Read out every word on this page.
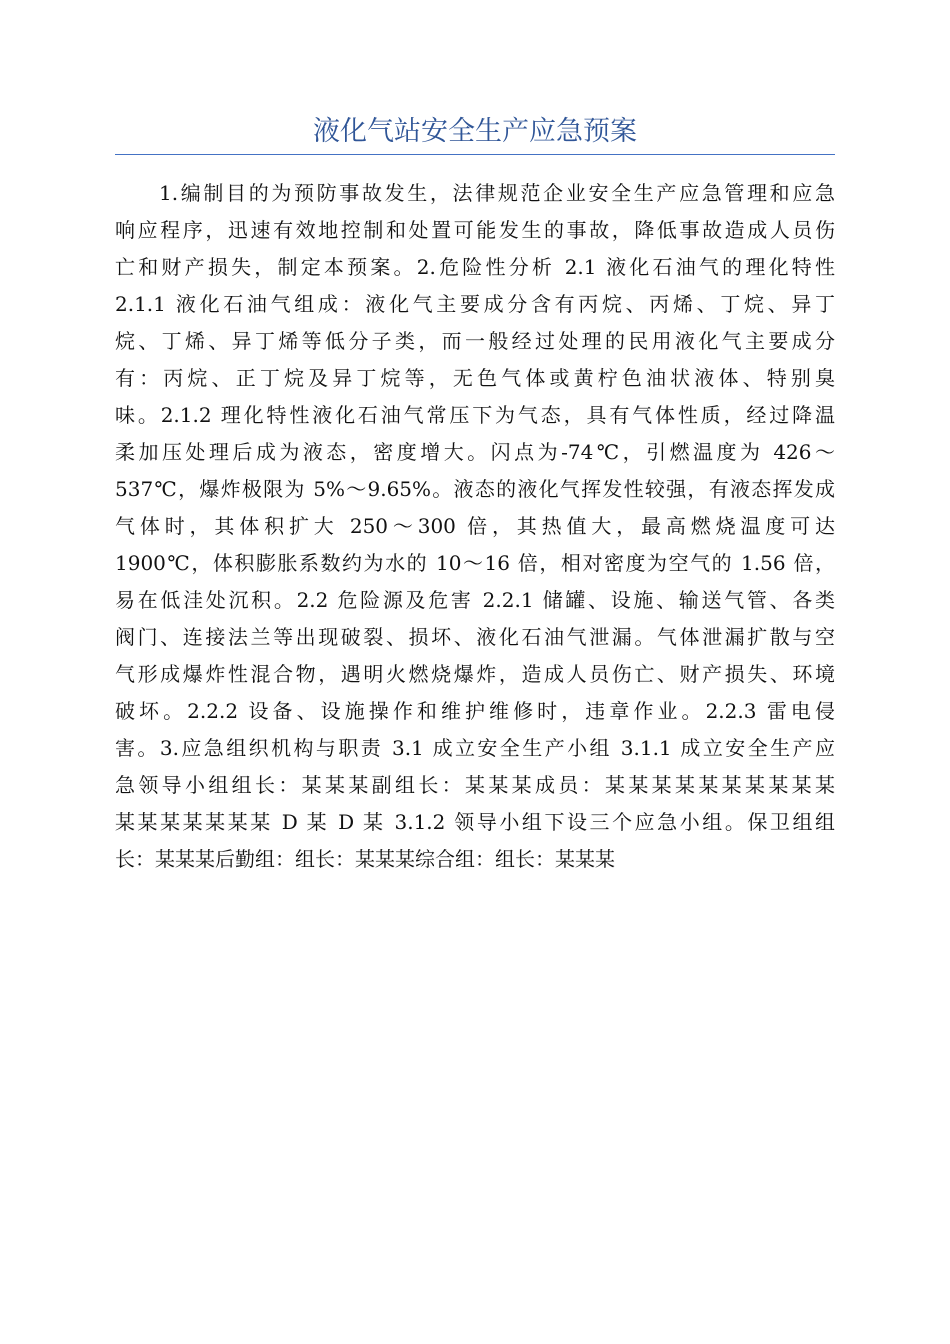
液化气站安全生产应急预案
1.编制目的为预防事故发生，法律规范企业安全生产应急管理和应急
响应程序，迅速有效地控制和处置可能发生的事故，降低事故造成人员伤
亡和财产损失，制定本预案。2.危险性分析 2.1 液化石油气的理化特性
2.1.1 液化石油气组成：液化气主要成分含有丙烷、丙烯、丁烷、异丁
烷、丁烯、异丁烯等低分子类，而一般经过处理的民用液化气主要成分
有：丙烷、正丁烷及异丁烷等，无色气体或黄柠色油状液体、特别臭
味。2.1.2 理化特性液化石油气常压下为气态，具有气体性质，经过降温
柔加压处理后成为液态，密度增大。闪点为-74℃，引燃温度为 426～
537℃，爆炸极限为 5%～9.65%。液态的液化气挥发性较强，有液态挥发成
气体时，其体积扩大 250～300 倍，其热值大，最高燃烧温度可达
1900℃，体积膨胀系数约为水的 10～16 倍，相对密度为空气的 1.56 倍，
易在低洼处沉积。2.2 危险源及危害 2.2.1 储罐、设施、输送气管、各类
阀门、连接法兰等出现破裂、损坏、液化石油气泄漏。气体泄漏扩散与空
气形成爆炸性混合物，遇明火燃烧爆炸，造成人员伤亡、财产损失、环境
破坏。2.2.2 设备、设施操作和维护维修时，违章作业。2.2.3 雷电侵
害。3.应急组织机构与职责 3.1 成立安全生产小组 3.1.1 成立安全生产应
急领导小组组长：某某某副组长：某某某成员：某某某某某某某某某某
某某某某某某某 D 某 D 某 3.1.2 领导小组下设三个应急小组。保卫组组
长：某某某后勤组：组长：某某某综合组：组长：某某某
